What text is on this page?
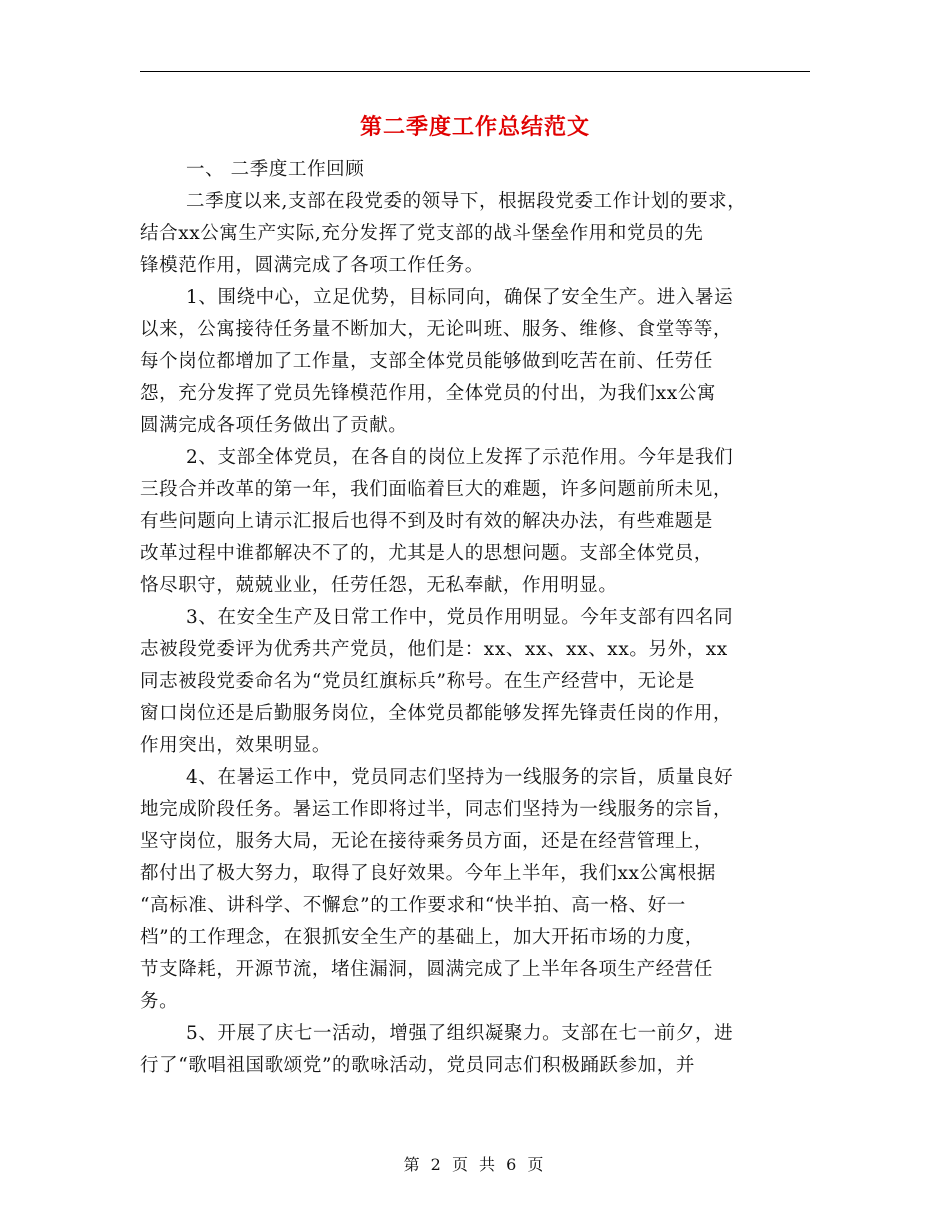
第二季度工作总结范文
一、 二季度工作回顾
二季度以来,支部在段党委的领导下，根据段党委工作计划的要求，
结合xx公寓生产实际,充分发挥了党支部的战斗堡垒作用和党员的先
锋模范作用，圆满完成了各项工作任务。
1、围绕中心，立足优势，目标同向，确保了安全生产。进入暑运
以来，公寓接待任务量不断加大，无论叫班、服务、维修、食堂等等，
每个岗位都增加了工作量，支部全体党员能够做到吃苦在前、任劳任
怨，充分发挥了党员先锋模范作用，全体党员的付出，为我们xx公寓
圆满完成各项任务做出了贡献。
2、支部全体党员，在各自的岗位上发挥了示范作用。今年是我们
三段合并改革的第一年，我们面临着巨大的难题，许多问题前所未见，
有些问题向上请示汇报后也得不到及时有效的解决办法，有些难题是
改革过程中谁都解决不了的，尤其是人的思想问题。支部全体党员，
恪尽职守，兢兢业业，任劳任怨，无私奉献，作用明显。
3、在安全生产及日常工作中，党员作用明显。今年支部有四名同
志被段党委评为优秀共产党员，他们是：xx、xx、xx、xx。另外，xx
同志被段党委命名为“党员红旗标兵”称号。在生产经营中，无论是
窗口岗位还是后勤服务岗位，全体党员都能够发挥先锋责任岗的作用，
作用突出，效果明显。
4、在暑运工作中，党员同志们坚持为一线服务的宗旨，质量良好
地完成阶段任务。暑运工作即将过半，同志们坚持为一线服务的宗旨，
坚守岗位，服务大局，无论在接待乘务员方面，还是在经营管理上，
都付出了极大努力，取得了良好效果。今年上半年，我们xx公寓根据
“高标准、讲科学、不懈怠”的工作要求和“快半拍、高一格、好一
档”的工作理念，在狠抓安全生产的基础上，加大开拓市场的力度，
节支降耗，开源节流，堵住漏洞，圆满完成了上半年各项生产经营任
务。
5、开展了庆七一活动，增强了组织凝聚力。支部在七一前夕，进
行了“歌唱祖国歌颂党”的歌咏活动，党员同志们积极踊跃参加，并
第 2 页 共 6 页
